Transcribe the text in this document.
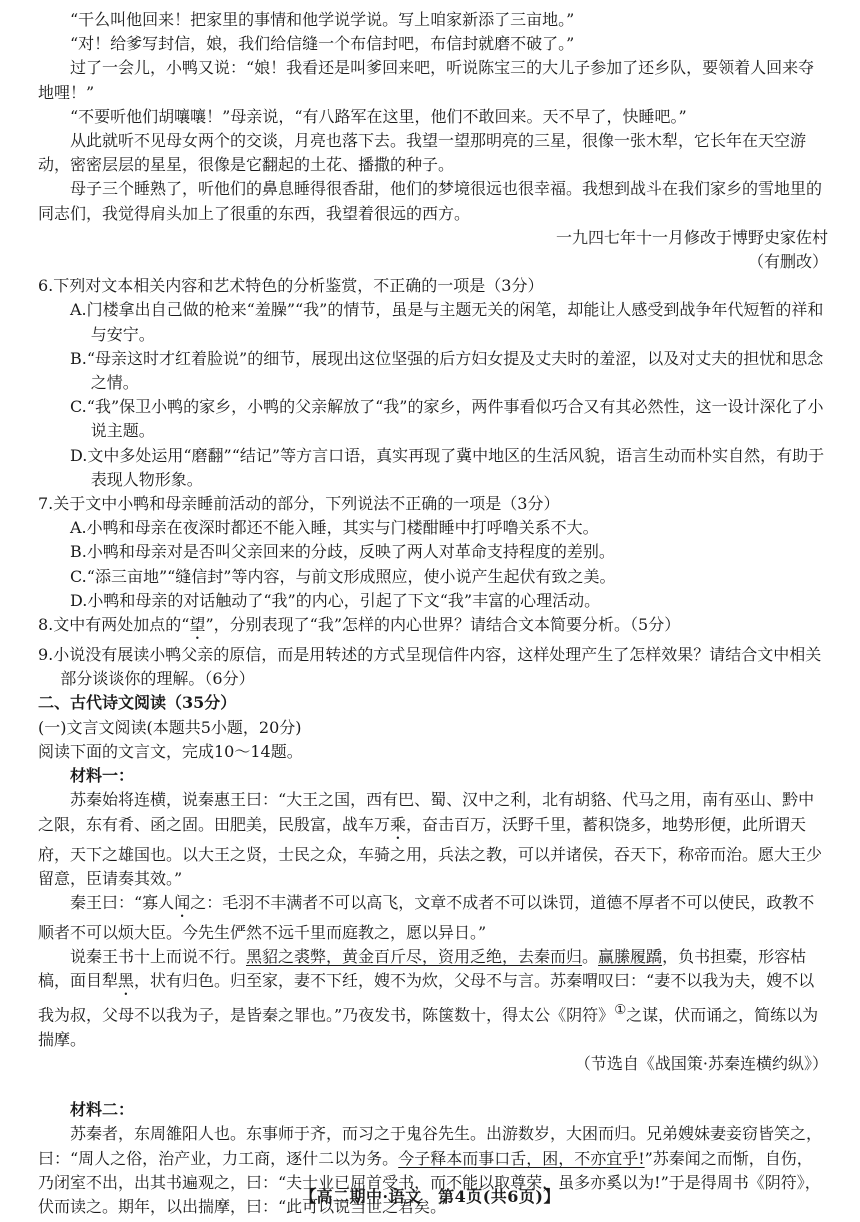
“干么叫他回来！把家里的事情和他学说学说。写上咱家新添了三亩地。”

“对！给爹写封信，娘，我们给信缝一个布信封吧，布信封就磨不破了。”

过了一会儿，小鸭又说：“娘！我看还是叫爹回来吧，听说陈宝三的大儿子参加了还乡队，要领着人回来夺地哩！”

“不要听他们胡嚷嚷！”母亲说，“有八路军在这里，他们不敢回来。天不早了，快睡吧。”

从此就听不见母女两个的交谈，月亮也落下去。我望一望那明亮的三星，很像一张木犁，它长年在天空游动，密密层层的星星，很像是它翻起的土花、播撒的种子。

母子三个睡熟了，听他们的鼻息睡得很香甜，他们的梦境很远也很幸福。我想到战斗在我们家乡的雪地里的同志们，我觉得肩头加上了很重的东西，我望着很远的西方。

一九四七年十一月修改于博野史家佐村

（有删改）

6.下列对文本相关内容和艺术特色的分析鉴赏，不正确的一项是（3分）

A.门楼拿出自己做的枪来“羞臊”“我”的情节，虽是与主题无关的闲笔，却能让人感受到战争年代短暂的祥和与安宁。

B.“母亲这时才红着脸说”的细节，展现出这位坚强的后方妇女提及丈夫时的羞涩，以及对丈夫的担忧和思念之情。

C.“我”保卫小鸭的家乡，小鸭的父亲解放了“我”的家乡，两件事看似巧合又有其必然性，这一设计深化了小说主题。

D.文中多处运用“磨翻”“结记”等方言口语，真实再现了冀中地区的生活风貌，语言生动而朴实自然，有助于表现人物形象。

7.关于文中小鸭和母亲睡前活动的部分，下列说法不正确的一项是（3分）

A.小鸭和母亲在夜深时都还不能入睡，其实与门楼酣睡中打呼噜关系不大。

B.小鸭和母亲对是否叫父亲回来的分歧，反映了两人对革命支持程度的差别。

C.“添三亩地”“缝信封”等内容，与前文形成照应，使小说产生起伏有致之美。

D.小鸭和母亲的对话触动了“我”的内心，引起了下文“我”丰富的心理活动。

8.文中有两处加点的“望”，分别表现了“我”怎样的内心世界？请结合文本简要分析。（5分）

9.小说没有展读小鸭父亲的原信，而是用转述的方式呈现信件内容，这样处理产生了怎样效果？请结合文中相关部分谈谈你的理解。（6分）

二、古代诗文阅读（35分）

(一)文言文阅读(本题共5小题，20分)

阅读下面的文言文，完成10～14题。

材料一：

苏秦始将连横，说秦惠王曰：“大王之国，西有巴、蜀、汉中之利，北有胡貉、代马之用，南有巫山、黔中之限，东有肴、函之固。田肥美，民殷富，战车万乘，奋击百万，沃野千里，蓄积饶多，地势形便，此所谓天府，天下之雄国也。以大王之贤，士民之众，车骑之用，兵法之教，可以并诸侯，吞天下，称帝而治。愿大王少留意，臣请奏其效。”

秦王曰：“寡人闻之：毛羽不丰满者不可以高飞，文章不成者不可以诛罚，道德不厚者不可以使民，政教不顺者不可以烦大臣。今先生俨然不远千里而庭教之，愿以异日。”

说秦王书十上而说不行。黑貂之裘弊，黄金百斤尽，资用乏绝，去秦而归。赢縢履蹻，负书担橐，形容枯槁，面目犁黑，状有归色。归至家，妻不下纴，嫂不为炊，父母不与言。苏秦喟叹曰：“妻不以我为夫，嫂不以我为叔，父母不以我为子，是皆秦之罪也。”乃夜发书，陈箧数十，得太公《阴符》①之谋，伏而诵之，简练以为揣摩。

（节选自《战国策·苏秦连横约纵》）

材料二：

苏秦者，东周雒阳人也。东事师于齐，而习之于鬼谷先生。出游数岁，大困而归。兄弟嫂妹妻妾窃皆笑之，曰：“周人之俗，治产业，力工商，逐什二以为务。今子释本而事口舌，困，不亦宜乎!”苏秦闻之而惭，自伤，乃闭室不出，出其书遍观之，曰：“夫士业已屈首受书，而不能以取尊荣，虽多亦奚以为!”于是得周书《阴符》，伏而读之。期年，以出揣摩，曰：“此可以说当世之君矣。”

【高二期中·语文　第4页(共6页)】
